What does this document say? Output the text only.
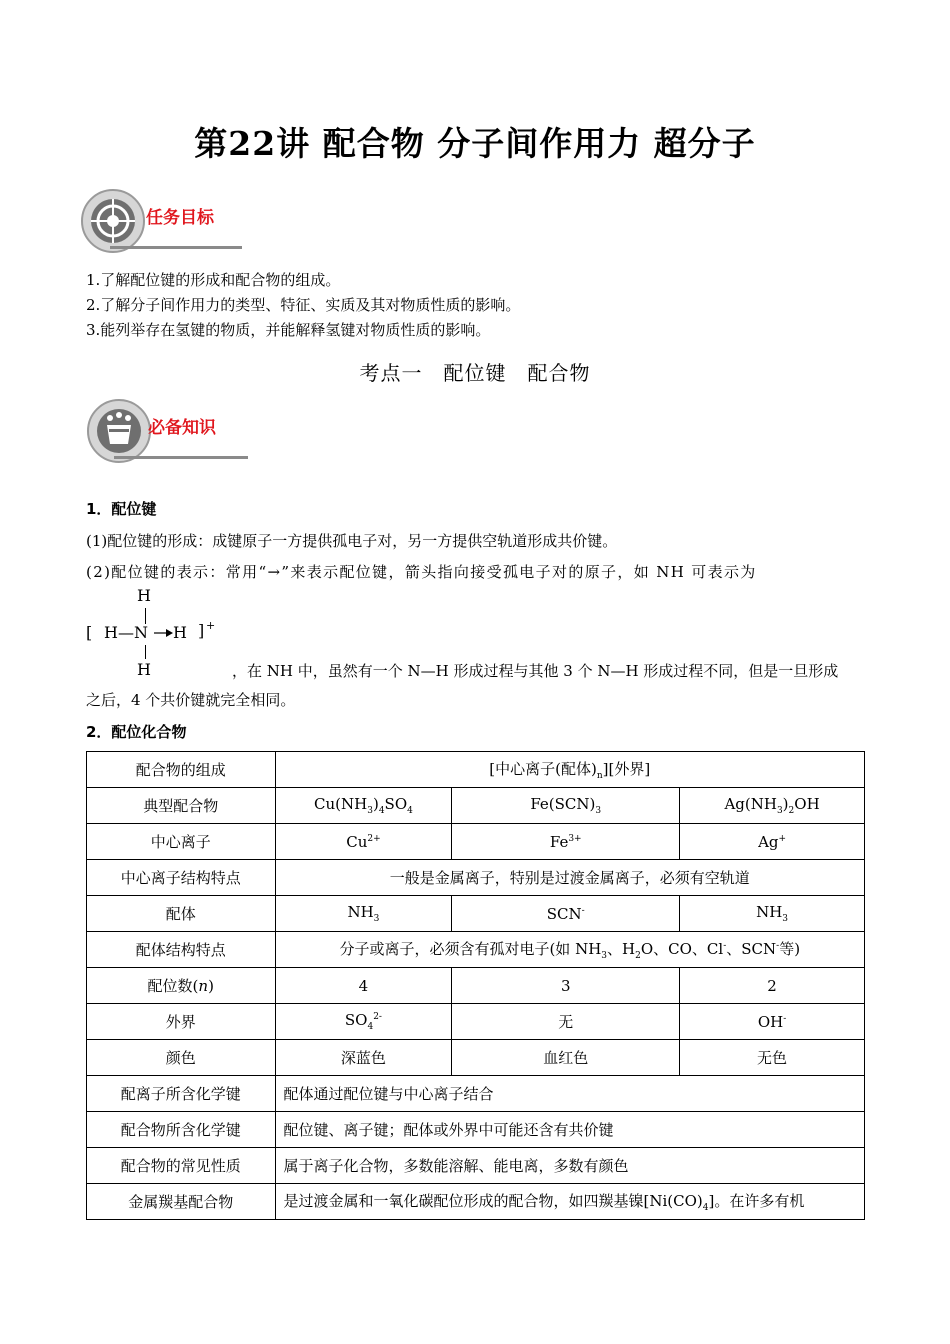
第22讲 配合物 分子间作用力 超分子
任务目标
1.了解配位键的形成和配合物的组成。
2.了解分子间作用力的类型、特征、实质及其对物质性质的影响。
3.能列举存在氢键的物质，并能解释氢键对物质性质的影响。
考点一　配位键　配合物
必备知识
1．配位键
(1)配位键的形成：成键原子一方提供孤电子对，另一方提供空轨道形成共价键。
(2)配位键的表示：常用“→”来表示配位键，箭头指向接受孤电子对的原子，如 NH 可表示为
H
[ H—N H ] +
H	，在 NH 中，虽然有一个 N—H 形成过程与其他 3 个 N—H 形成过程不同，但是一旦形成
之后，4 个共价键就完全相同。
2．配位化合物
配合物的组成	[中心离子(配体)$_n$][外界]		
典型配合物	$Cu(NH_3)_4SO_4$	$Fe(SCN)_3$	$Ag(NH_3)_2OH$
中心离子	$Cu^{2+}$	$Fe^{3+}$	Ag+
中心离子结构特点	一般是金属离子，特别是过渡金属离子，必须有空轨道		
配体	$NH_3$	SCN-	$NH_3$
配体结构特点	分子或离子，必须含有孤对电子(如 $NH_3$、$H_2O$、CO、Cl-、SCN-等)		
配位数(n)	4	3	2
外界	$SO_4^{2-}$	无	OH-
颜色	深蓝色	血红色	无色
配离子所含化学键	配体通过配位键与中心离子结合		
配合物所含化学键	配位键、离子键；配体或外界中可能还含有共价键		
配合物的常见性质	属于离子化合物，多数能溶解、能电离，多数有颜色		
金属羰基配合物	是过渡金属和一氧化碳配位形成的配合物，如四羰基镍$[Ni(CO)_4]$。在许多有机		
